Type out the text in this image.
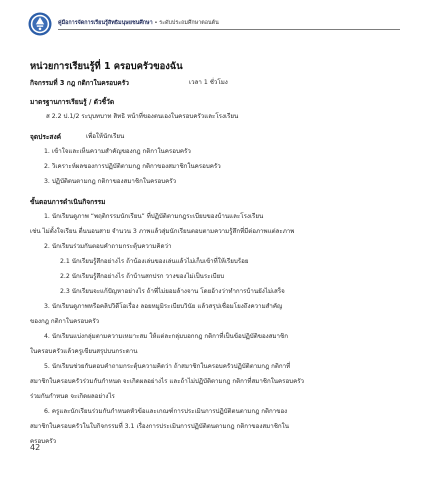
คู่มือการจัดการเรียนรู้สิทธิมนุษยชนศึกษา • ระดับประถมศึกษาตอนต้น
หน่วยการเรียนรู้ที่ 1 ครอบครัวของฉัน
กิจกรรมที่ 3 กฎ กติกาในครอบครัว	เวลา 1 ชั่วโมง
มาตรฐานการเรียนรู้ / ตัวชี้วัด
ส 2.2 ป.1/2 ระบุบทบาท สิทธิ หน้าที่ของตนเองในครอบครัวและโรงเรียน
จุดประสงค์	เพื่อให้นักเรียน
1. เข้าใจและเห็นความสำคัญของกฎ กติกาในครอบครัว
2. วิเคราะห์ผลของการปฏิบัติตามกฎ กติกาของสมาชิกในครอบครัว
3. ปฏิบัติตนตามกฎ กติกาของสมาชิกในครอบครัว
ขั้นตอนการดำเนินกิจกรรม
1. นักเรียนดูภาพ “พฤติกรรมนักเรียน” ที่ปฏิบัติตามกฎระเบียบของบ้านและโรงเรียน
เช่น ไม่ตั้งใจเรียน ตื่นนอนสาย จำนวน 3 ภาพแล้วสุ่มนักเรียนตอบตามความรู้สึกที่มีต่อภาพแต่ละภาพ
2. นักเรียนร่วมกันตอบคำถามกระตุ้นความคิดว่า
2.1 นักเรียนรู้สึกอย่างไร ถ้าน้องเล่นของเล่นแล้วไม่เก็บเข้าที่ให้เรียบร้อย
2.2 นักเรียนรู้สึกอย่างไร ถ้าบ้านสกปรก วางของไม่เป็นระเบียบ
2.3 นักเรียนจะแก้ปัญหาอย่างไร ถ้าพี่ไม่ยอมล้างจาน โดยอ้างว่าทำการบ้านยังไม่เสร็จ
3. นักเรียนดูภาพหรือคลิปวิดีโอเรื่อง ลอยหมูมิระเบียบวินัย แล้วสรุปเชื่อมโยงถึงความสำคัญ
ของกฎ กติกาในครอบครัว
4. นักเรียนแบ่งกลุ่มตามความเหมาะสม ให้แต่ละกลุ่มบอกกฎ กติกาที่เป็นข้อปฏิบัติของสมาชิก
ในครอบครัวแล้วครูเขียนสรุปบนกระดาน
5. นักเรียนช่วยกันตอบคำถามกระตุ้นความคิดว่า ถ้าสมาชิกในครอบครัวปฏิบัติตามกฎ กติกาที่
สมาชิกในครอบครัวร่วมกันกำหนด จะเกิดผลอย่างไร และถ้าไม่ปฏิบัติตามกฎ กติกาที่สมาชิกในครอบครัว
ร่วมกันกำหนด จะเกิดผลอย่างไร
6. ครูและนักเรียนร่วมกันกำหนดหัวข้อและเกณฑ์การประเมินการปฏิบัติตนตามกฎ กติกาของ
สมาชิกในครอบครัวในใบกิจกรรมที่ 3.1 เรื่องการประเมินการปฏิบัติตนตามกฎ กติกาของสมาชิกใน
ครอบครัว
42
